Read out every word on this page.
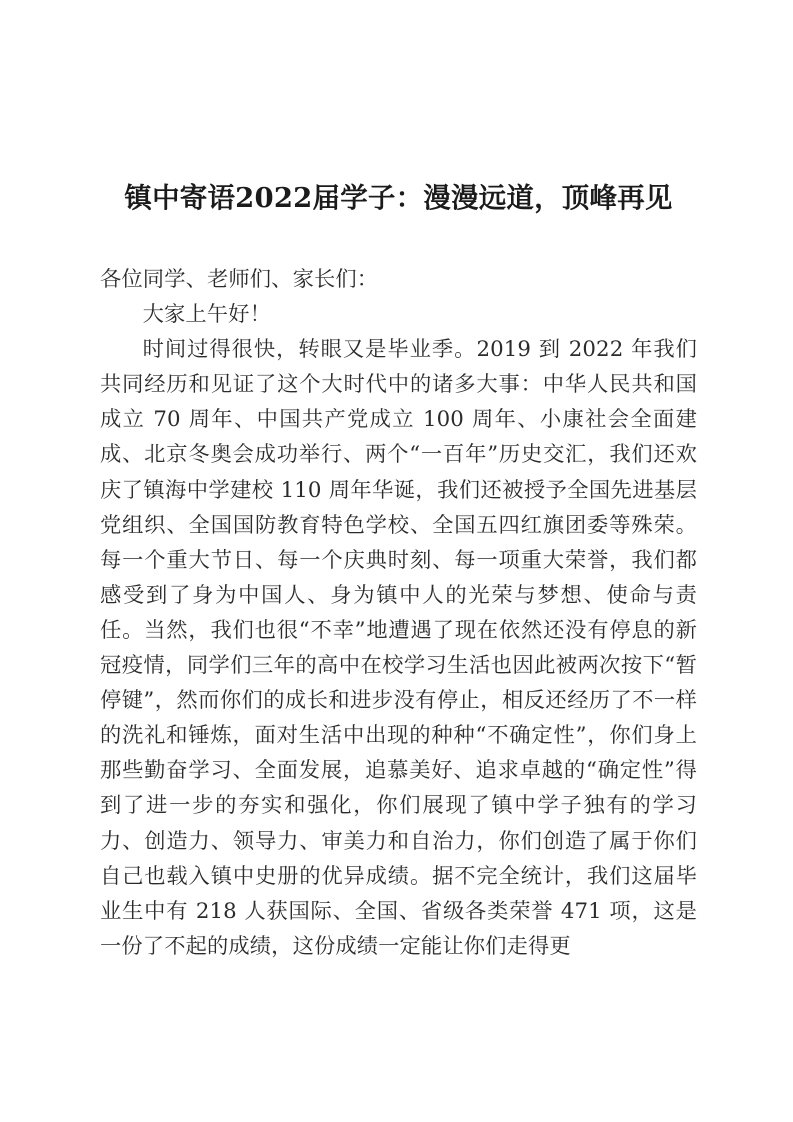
镇中寄语2022届学子：漫漫远道，顶峰再见

各位同学、老师们、家长们：

大家上午好！

时间过得很快，转眼又是毕业季。2019 到 2022 年我们共同经历和见证了这个大时代中的诸多大事：中华人民共和国成立 70 周年、中国共产党成立 100 周年、小康社会全面建成、北京冬奥会成功举行、两个“一百年”历史交汇，我们还欢庆了镇海中学建校 110 周年华诞，我们还被授予全国先进基层党组织、全国国防教育特色学校、全国五四红旗团委等殊荣。每一个重大节日、每一个庆典时刻、每一项重大荣誉，我们都感受到了身为中国人、身为镇中人的光荣与梦想、使命与责任。当然，我们也很“不幸”地遭遇了现在依然还没有停息的新冠疫情，同学们三年的高中在校学习生活也因此被两次按下“暂停键”，然而你们的成长和进步没有停止，相反还经历了不一样的洗礼和锤炼，面对生活中出现的种种“不确定性”，你们身上那些勤奋学习、全面发展，追慕美好、追求卓越的“确定性”得到了进一步的夯实和强化，你们展现了镇中学子独有的学习力、创造力、领导力、审美力和自治力，你们创造了属于你们自己也载入镇中史册的优异成绩。据不完全统计，我们这届毕业生中有 218 人获国际、全国、省级各类荣誉 471 项，这是一份了不起的成绩，这份成绩一定能让你们走得更
